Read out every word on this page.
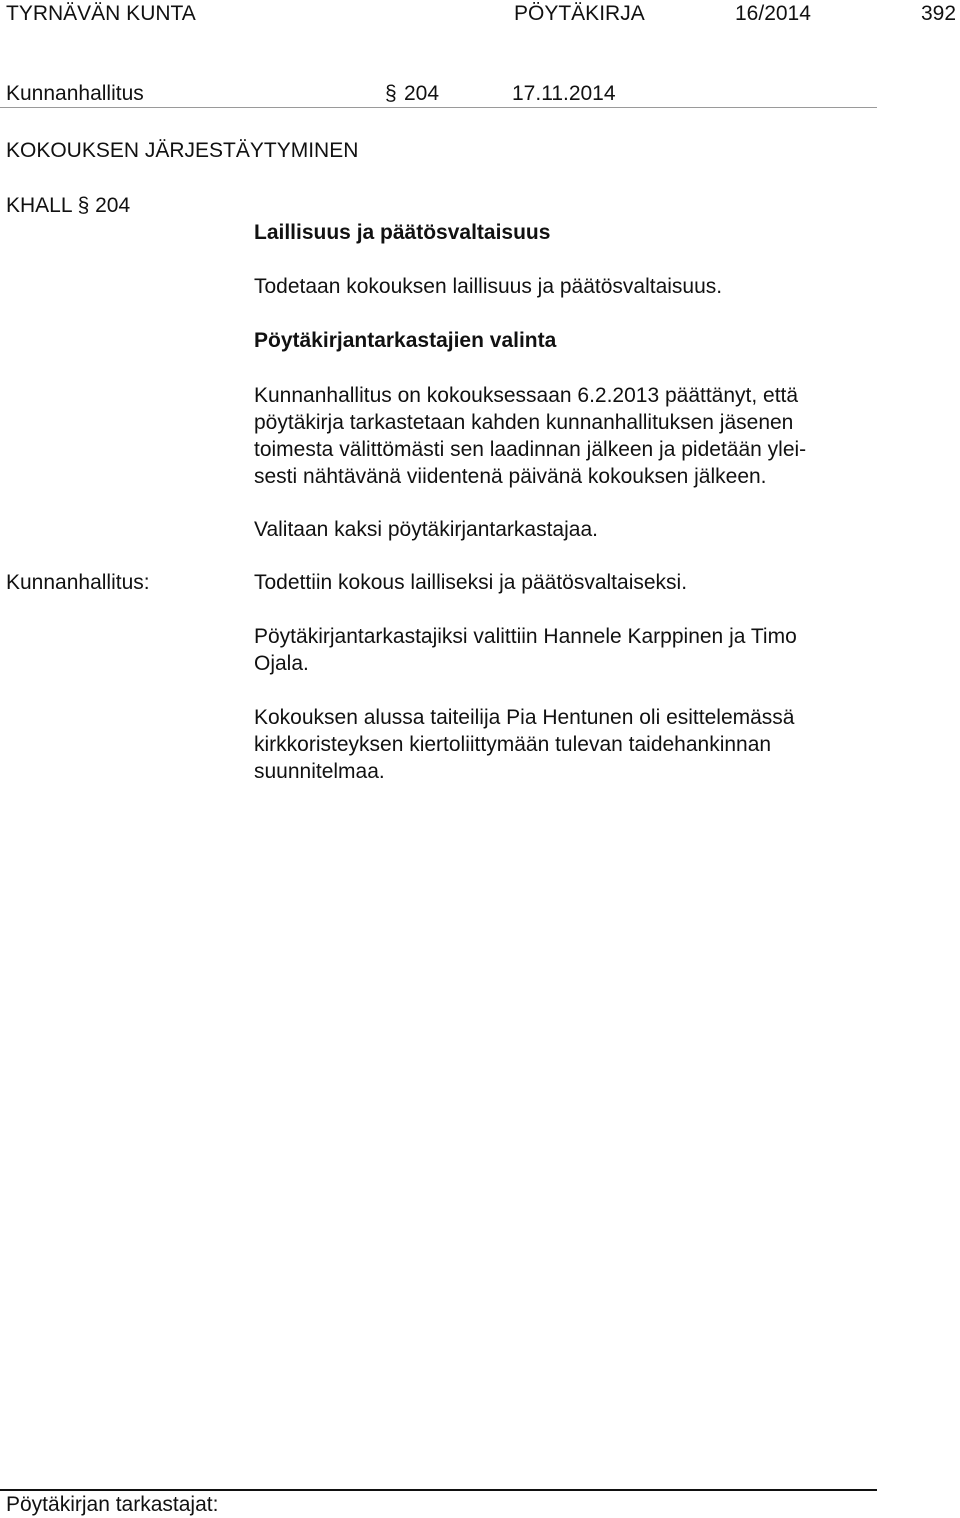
TYRNÄVÄN KUNTA	PÖYTÄKIRJA	16/2014	392
Kunnanhallitus	§ 204	17.11.2014
KOKOUKSEN JÄRJESTÄYTYMINEN
KHALL § 204
Laillisuus ja päätösvaltaisuus
Todetaan kokouksen laillisuus ja päätösvaltaisuus.
Pöytäkirjantarkastajien valinta
Kunnanhallitus on kokouksessaan 6.2.2013 päättänyt, että
pöytäkirja tarkastetaan kahden kunnanhallituksen jäsenen
toimesta välittömästi sen laadinnan jälkeen ja pidetään ylei-
sesti nähtävänä viidentenä päivänä kokouksen jälkeen.
Valitaan kaksi pöytäkirjantarkastajaa.
Kunnanhallitus:	Todettiin kokous lailliseksi ja päätösvaltaiseksi.
Pöytäkirjantarkastajiksi valittiin Hannele Karppinen ja Timo
Ojala.
Kokouksen alussa taiteilija Pia Hentunen oli esittelemässä
kirkkoristeyksen kiertoliittymään tulevan taidehankinnan
suunnitelmaa.
Pöytäkirjan tarkastajat:
